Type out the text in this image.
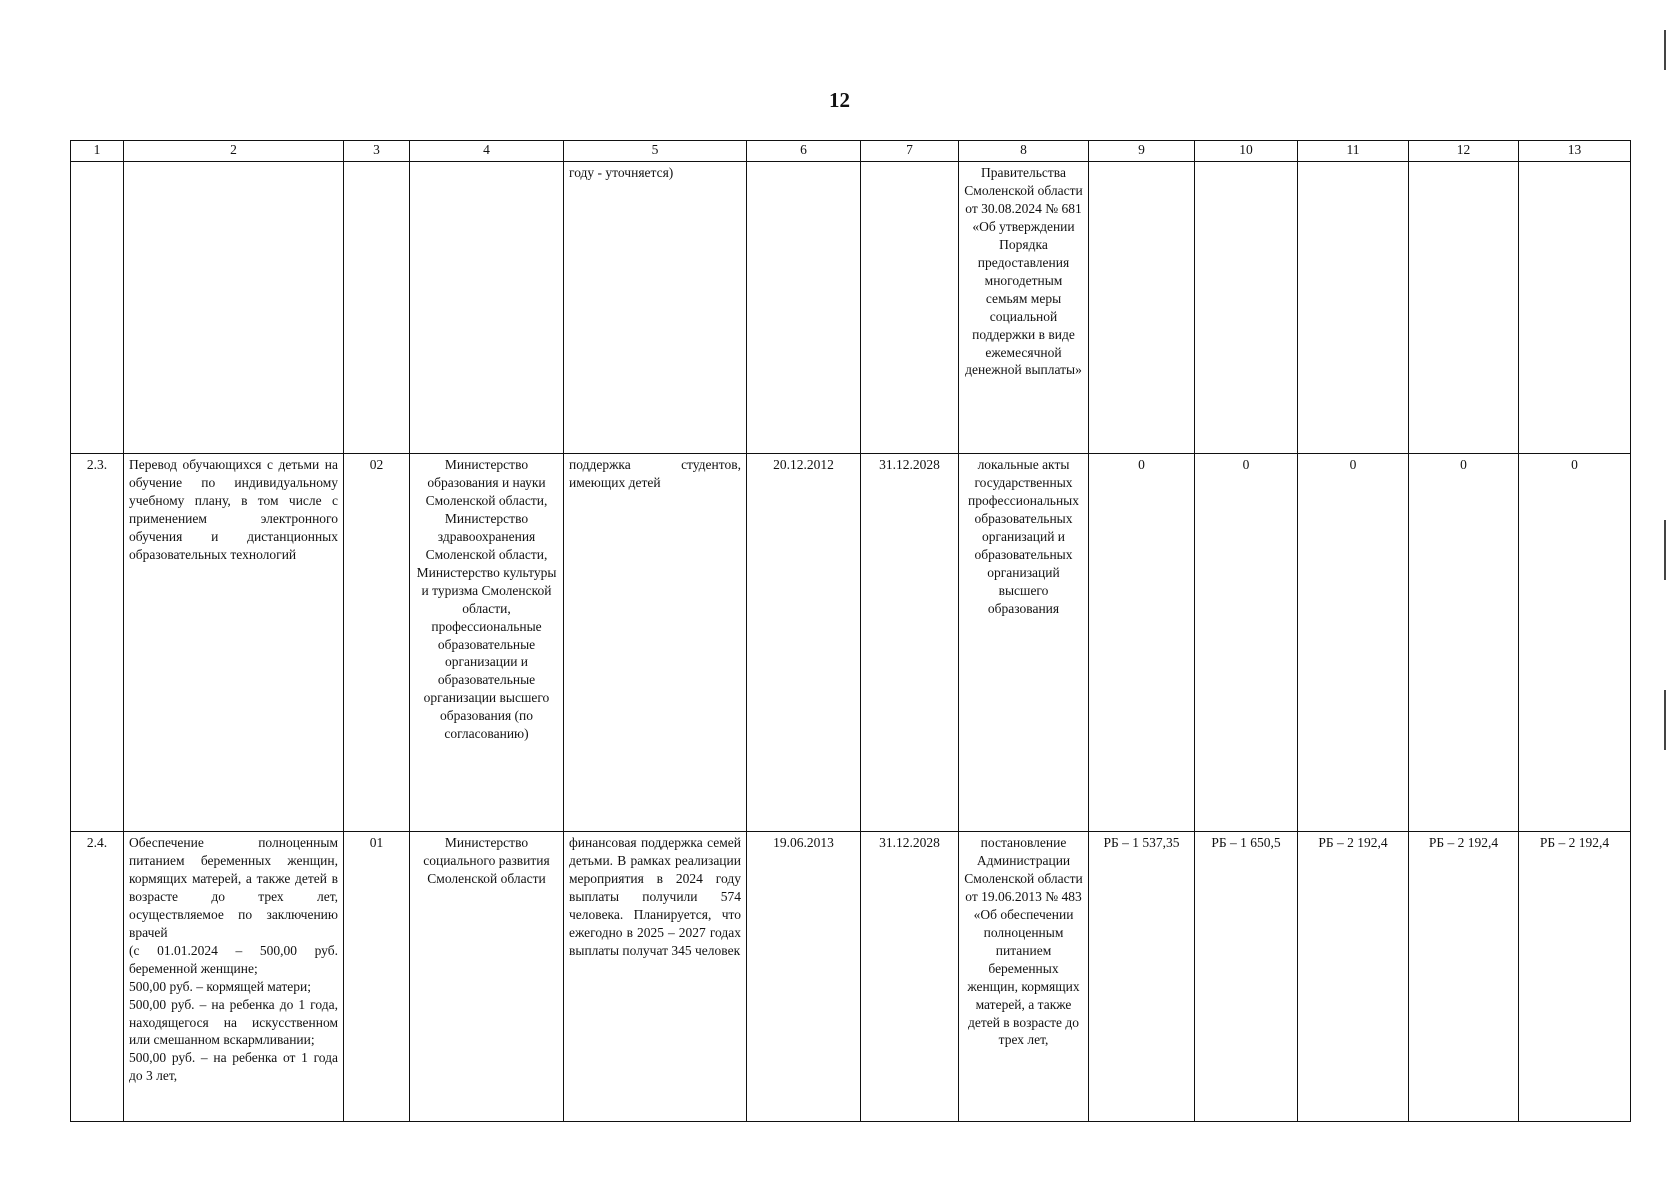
12
1	2	3	4	5	6	7	8	9	10	11	12	13
				году - уточняется)			Правительства Смоленской области от 30.08.2024 № 681 «Об утверждении Порядка предоставления многодетным семьям меры социальной поддержки в виде ежемесячной денежной выплаты»					
2.3.	Перевод обучающихся с детьми на обучение по индивидуальному учебному плану, в том числе с применением электронного обучения и дистанционных образовательных технологий	02	Министерство образования и науки Смоленской области, Министерство здравоохранения Смоленской области, Министерство культуры и туризма Смоленской области, профессиональные образовательные организации и образовательные организации высшего образования (по согласованию)	поддержка студентов, имеющих детей	20.12.2012	31.12.2028	локальные акты государственных профессиональных образовательных организаций и образовательных организаций высшего образования	0	0	0	0	0
2.4.	Обеспечение полноценным питанием беременных женщин, кормящих матерей, а также детей в возрасте до трех лет, осуществляемое по заключению врачей
(с 01.01.2024 – 500,00 руб. беременной женщине;
500,00 руб. – кормящей матери;
500,00 руб. – на ребенка до 1 года, находящегося на искусственном или смешанном вскармливании;
500,00 руб. – на ребенка от 1 года до 3 лет,	01	Министерство социального развития Смоленской области	финансовая поддержка семей детьми. В рамках реализации мероприятия в 2024 году выплаты получили 574 человека. Планируется, что ежегодно в 2025 – 2027 годах выплаты получат 345 человек	19.06.2013	31.12.2028	постановление Администрации Смоленской области от 19.06.2013 № 483 «Об обеспечении полноценным питанием беременных женщин, кормящих матерей, а также детей в возрасте до трех лет,	РБ – 1 537,35	РБ – 1 650,5	РБ – 2 192,4	РБ – 2 192,4	РБ – 2 192,4
